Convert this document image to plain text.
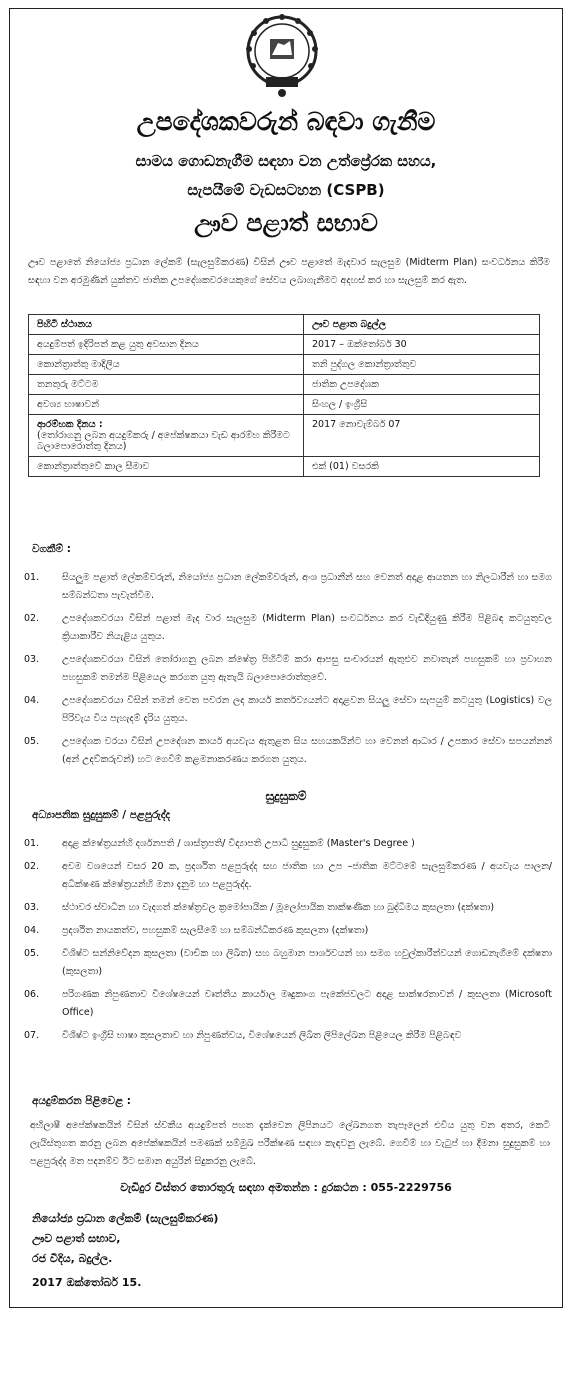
උපදේශකවරුන් බඳවා ගැනීම
සාමය ගොඩනැගීම සඳහා වන උත්ප්‍රේරක සහය,
සැපයීමේ වැඩසටහන (CSPB)
ඌව පළාත් සභාව
ඌව පළාතේ නියෝජ්‍ය ප්‍රධාන ලේකම් (සැලසුම්කරණ) විසින් ඌව පළාතේ මැදවාර සැලසුම (Midterm Plan) සංවර්ධනය කිරීම සඳහා වන අරමුණින් යුක්තව ජාතික උපදේශකවරයෙකුගේ සේවය ලබාගැනීමට අදහස් කර හා සැලසුම් කර ඇත.
පිහිටි ස්ථානය	ඌව පළාත බදුල්ල
අයදුම්පත් ඉදිරිපත් කළ යුතු අවසාන දිනය	2017 – ඔක්තෝබර් 30
කොන්ත්‍රාත්තු මාදිලිය	තනි පුද්ගල කොන්ත්‍රාත්තුව
තනතුරු මට්ටම	ජාතික උපදේශක
අවශ්‍ය භාෂාවන්	සිංහල / ඉංග්‍රීසි

ආරම්භක දිනය :
(තෝරාගනු ලබන අයදුම්කරු / අපේක්ෂකයා වැඩ ආරම්භ කිරීමට බලාපොරොත්තු දිනය)	2017 නොවැම්බර් 07
කොන්ත්‍රාත්තුවේ කාල සීමාව	එක් (01) වසරකි
වගකීම් :
01.	සියලුම පළාත් ලේකම්වරුන්, නියෝජ්‍ය ප්‍රධාන ලේකම්වරුන්, අංශ ප්‍රධානීන් සහ වෙනත් අදාළ ආයතන හා නිලධාරීන් හා සමග සම්බන්ධතා පැවැත්වීම.
02.	උපදේශකවරයා විසින් පළාත් මැද වාර සැලසුම (Midterm Plan) සංවර්ධනය කර වැඩිදියුණු කිරීම පිළිබඳ කටයුතුවල ක්‍රියාකාරීව නියැළිය යුතුය.
03.	උපදේශකවරයා විසින් තෝරාගනු ලබන ක්ෂේත්‍ර පිහිටීම් කරා ආපසු සංචාරයන් ඇතුළුව නවාතැන් පහසුකම් හා ප්‍රවාහන පහසුකම් තමන්ම පිළියෙල කරගත යුතු ඇතැයි බලාපොරොත්තුවේ.
04.	උපදේශකවරයා විසින් තමන් වෙත පවරන ලද කාර්ය කර්තව්‍යයන්ට අදාළවන සියලු සේවා සැපයුම් කටයුතු (Logistics) වල පිරිවැය විය පැහැදම් දැරිය යුතුය.
05.	උපදේශක වරයා විසින් උපදේශන කාර්ය අයවැය ඇතුළත සිය සහයකයින්ට හා වෙනත් ආධාර / උපකාර සේවා සපයන්නන් (අන් උදව්කරුවන්) හට ගෙවීම් කළමනාකරණය කරගත යුතුය.
සුදුසුකම්
අධ්‍යාපනික සුදුසුකම් / පළපුරුද්ද
01.	අදාළ ක්ෂේත්‍රයන්හි දර්ශනපති / ශාස්ත්‍රපති/ විද්‍යාපති උපාධි සුදුසුකම් (Master's Degree )
02.	අවම වශයෙන් වසර 20 ක, ප්‍රදර්ශිත පළපුරුද්ද සහ ජාතික හා උප –ජාතික මට්ටමේ සැලසුම්කරණ / අයවැය පාලන/ අධීක්ෂණ ක්ෂේත්‍රයන්හි මනා දැනුම හා පළපුරුද්ද.
03.	ස්ථාවර ස්වාධීන හා වැදගත් ක්ෂේත්‍රවල ක්‍රමෝපායික / මූලෝපායික තාක්ෂණික හා බුද්ධිමය කුසලතා (දක්ෂතා)
04.	ප්‍රදර්ශිත නායකත්ව, පහසුකම් සැලසීමේ හා සම්බන්ධීකරණ කුසලතා (දක්ෂතා)
05.	විශිෂ්ට සන්නිවේදන කුසලතා (වාචික හා ලිඛිත) සහ බහුමාන පාර්ශවයන් හා සමග හවුල්කාරීත්වයන් ගොඩනැගීමේ දක්ෂතා (කුසලතා)
06.	පරිගණක නිපුණතාව විශේෂයෙන් වෘත්තීය කාර්යාල මෘදුකාංග පැකේජවලට අදාළ සාක්ෂරතාවන් / කුසලතා (Microsoft Office)
07.	විශිෂ්ට ඉංග්‍රීසි භාෂා කුසලතාව හා නිපුණත්වය, විශේෂයෙන් ලිඛිත ලිපිලේඛන පිළියෙල කිරීම පිළිබඳව
අයදුම්කරන පිළිවෙළ :
අභිලාෂී අපේක්ෂකයින් විසින් ස්වකීය අයදුම්පත් පහත දැක්වෙන ලිපිනයට ලේඛනගත තැපෑලෙන් එවිය යුතු වන අතර, කෙටි ලැයිස්තුගත කරනු ලබන අපේක්ෂකයින් පමණක් සම්මුඛ පරීක්ෂණ සඳහා කැඳවනු ලැබේ. ගෙවීම් හා වැටුප් හා දීමනා සුදුසුකම් හා පළපුරුද්ද මත පදනම්ව ඊට සමාන අයුරින් සිදුකරනු ලැබේ.
වැඩිදුර විස්තර තොරතුරු සඳහා අමතන්න : දුරකථන : 055-2229756
නියෝජ්‍ය ප්‍රධාන ලේකම් (සැලසුම්කරණ)
ඌව පළාත් සභාව,
රජ වීදිය, බදුල්ල.
2017 ඔක්තෝබර් 15.
